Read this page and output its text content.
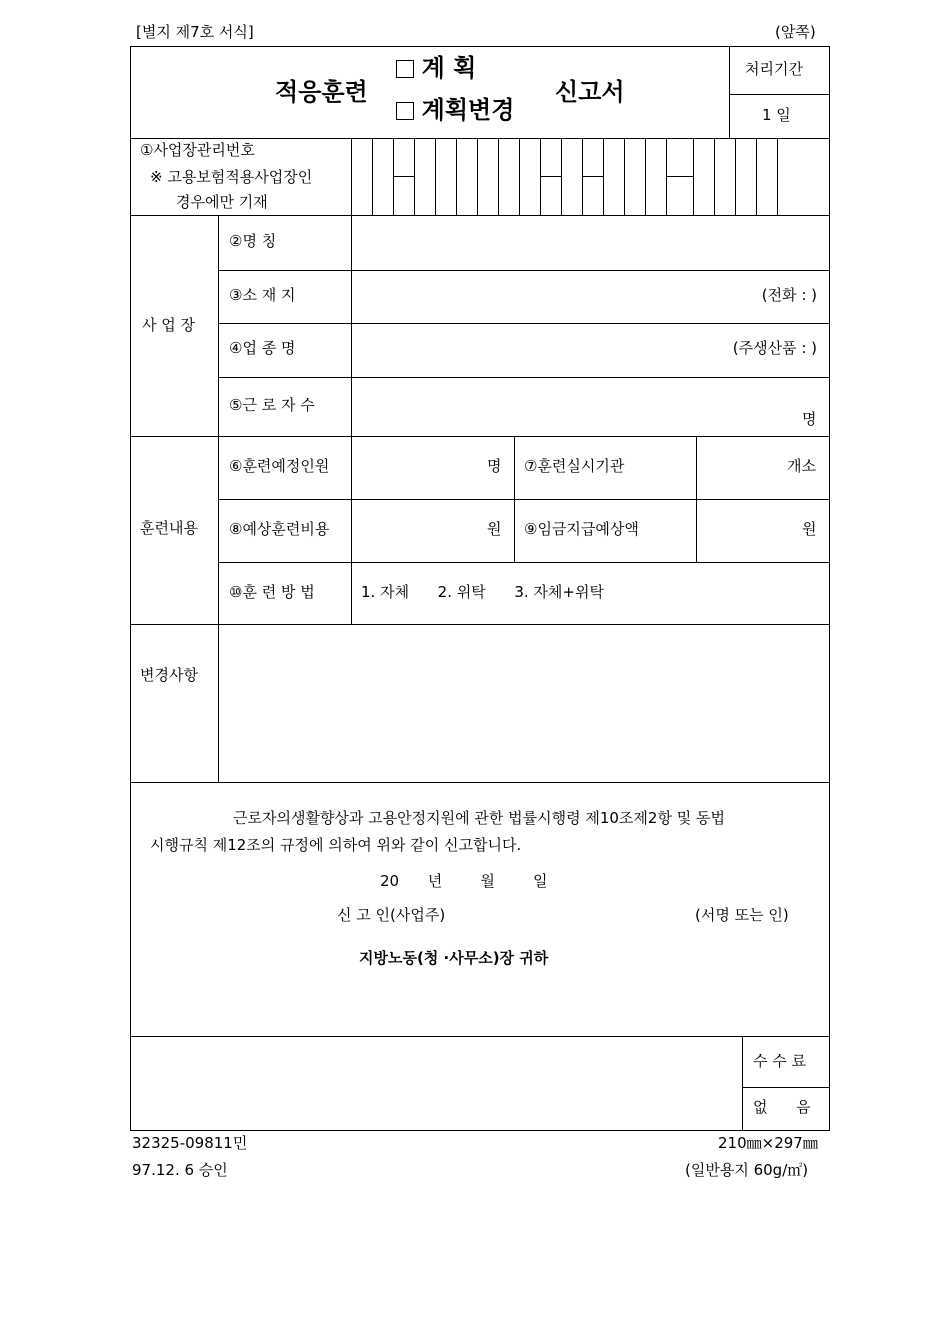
[별지 제7호 서식]	(앞쪽)
적응훈련
계 획
계획변경
신고서
처리기간
1 일
①사업장관리번호
※ 고용보험적용사업장인
경우에만 기재
사 업 장
②명 칭
③소 재 지	(전화 : )
④업 종 명	(주생산품 : )
⑤근 로 자 수
명
훈련내용
⑥훈련예정인원	명 ⑦훈련실시기관	개소
⑧예상훈련비용	원 ⑨임금지급예상액	원
⑩훈 련 방 법	1. 자체      2. 위탁      3. 자체+위탁
변경사항
근로자의생활향상과 고용안정지원에 관한 법률시행령 제10조제2항 및 동법
시행규칙 제12조의 규정에 의하여 위와 같이 신고합니다.
20      년        월        일
신 고 인(사업주)	(서명 또는 인)
지방노동(청 ·사무소)장 귀하
수 수 료
없      음
32325-09811민	210㎜×297㎜
97.12. 6 승인	(일반용지 60g/㎡)
